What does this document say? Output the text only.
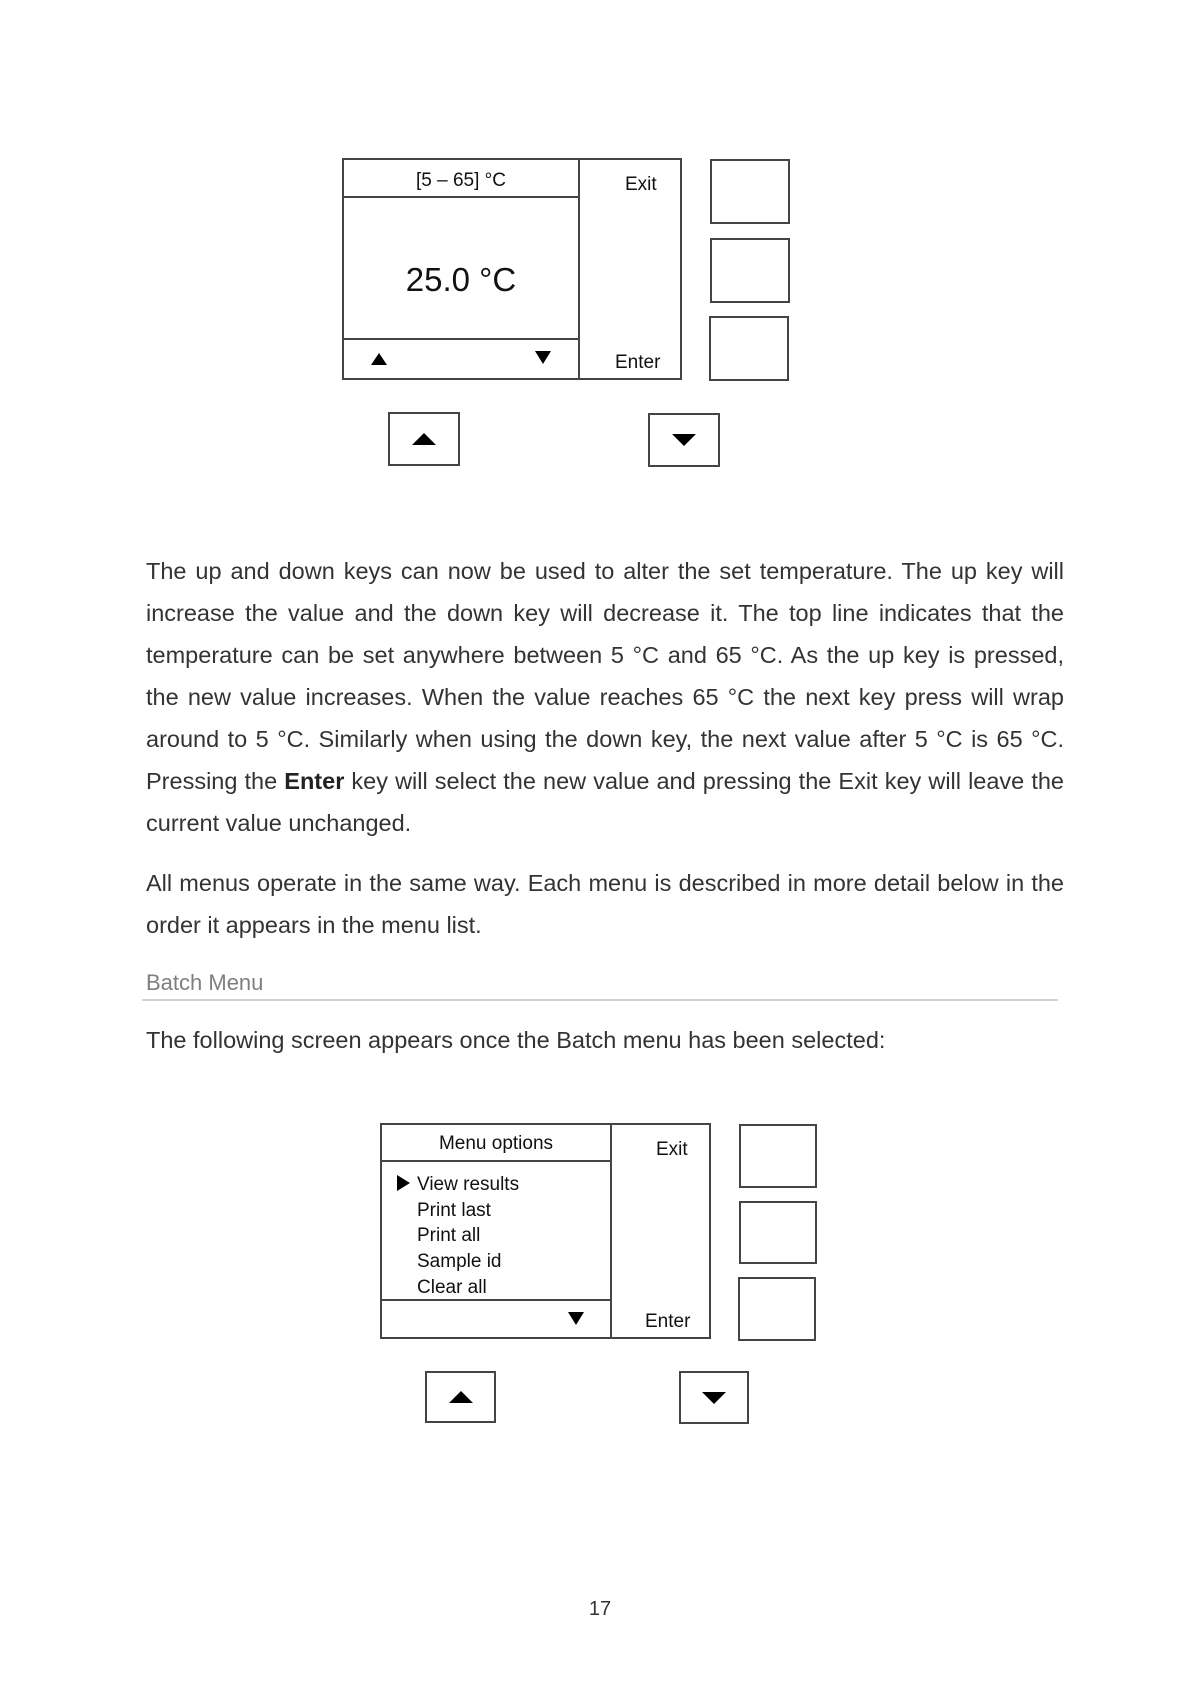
[5 – 65] °C
25.0 °C
Exit
Enter

The up and down keys can now be used to alter the set temperature. The up key will increase the value and the down key will decrease it. The top line indicates that the temperature can be set anywhere between 5 °C and 65 °C. As the up key is pressed, the new value increases. When the value reaches 65 °C the next key press will wrap around to 5 °C. Similarly when using the down key, the next value after 5 °C is 65 °C. Pressing the Enter key will select the new value and pressing the Exit key will leave the current value unchanged.

All menus operate in the same way. Each menu is described in more detail below in the order it appears in the menu list.

Batch Menu

The following screen appears once the Batch menu has been selected:

Menu options
View results
Print last
Print all
Sample id
Clear all
Exit
Enter
17
